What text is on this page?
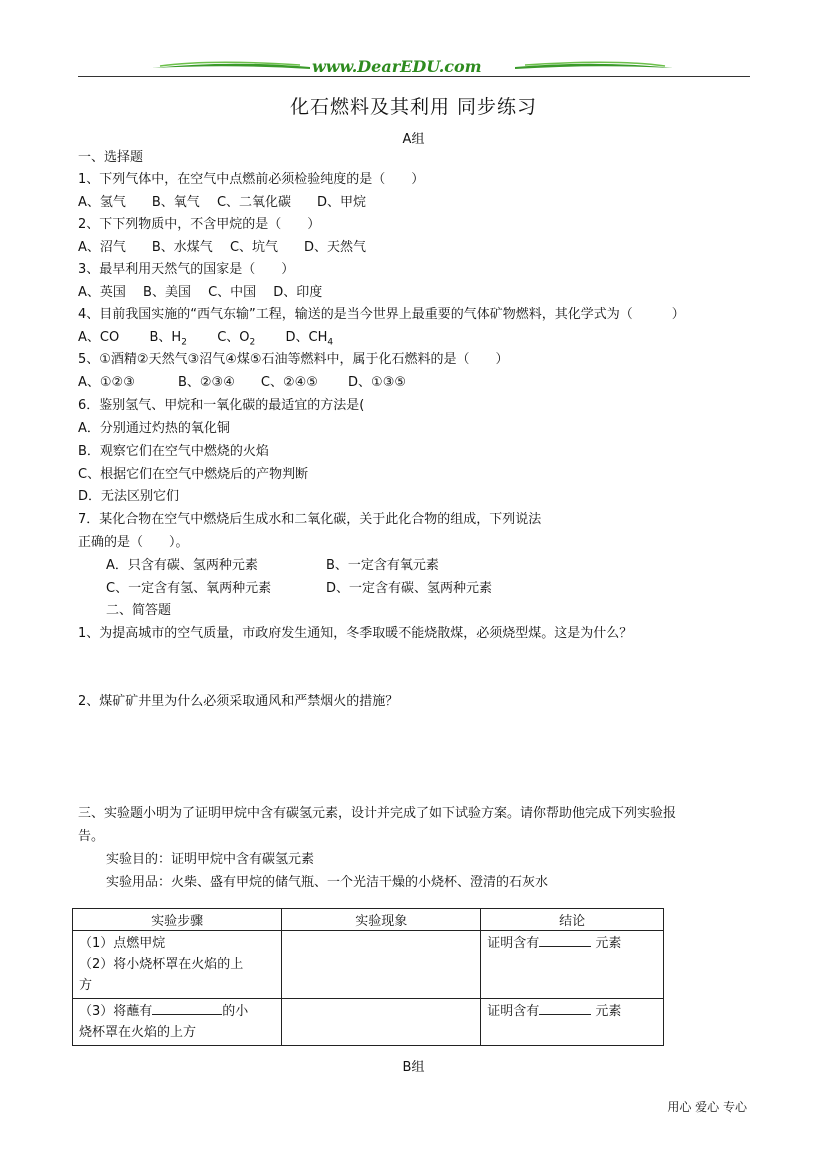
www.DearEDU.com
化石燃料及其利用 同步练习
A组
一、选择题
1、下列气体中，在空气中点燃前必须检验纯度的是（　　）
A、氢气　　B、氧气　 C、二氧化碳　　D、甲烷
2、下下列物质中，不含甲烷的是（　　）
A、沼气　　B、水煤气　 C、坑气　　D、天然气
3、最早利用天然气的国家是（　　）
A、英国　 B、美国　 C、中国　 D、印度
4、目前我国实施的“西气东输”工程，输送的是当今世界上最重要的气体矿物燃料，其化学式为（　　　）
A、CO B、$H_2$ C、$O_2$ D、$CH_4$
5、①酒精②天然气③沼气④煤⑤石油等燃料中，属于化石燃料的是（　　）
A、①②③　　　 B、②③④　　C、②④⑤　　 D、①③⑤
6．鉴别氢气、甲烷和一氧化碳的最适宜的方法是(
A．分别通过灼热的氧化铜
B．观察它们在空气中燃烧的火焰
C、根据它们在空气中燃烧后的产物判断
D．无法区别它们
7．某化合物在空气中燃烧后生成水和二氧化碳，关于此化合物的组成，下列说法
正确的是（　　）。
A．只含有碳、氢两种元素	B、一定含有氧元素
C、一定含有氢、氧两种元素	D、一定含有碳、氢两种元素
二、简答题
1、为提高城市的空气质量，市政府发生通知，冬季取暖不能烧散煤，必须烧型煤。这是为什么？
2、煤矿矿井里为什么必须采取通风和严禁烟火的措施？
三、实验题小明为了证明甲烷中含有碳氢元素，设计并完成了如下试验方案。请你帮助他完成下列实验报
告。
实验目的：证明甲烷中含有碳氢元素
实验用品：火柴、盛有甲烷的储气瓶、一个光洁干燥的小烧杯、澄清的石灰水
实验步骤	实验现象	结论

（1）点燃甲烷
（2）将小烧杯罩在火焰的上
方		证明含有 元素

（3）将蘸有 的小
烧杯罩在火焰的上方		证明含有 元素
B组
用心 爱心 专心
